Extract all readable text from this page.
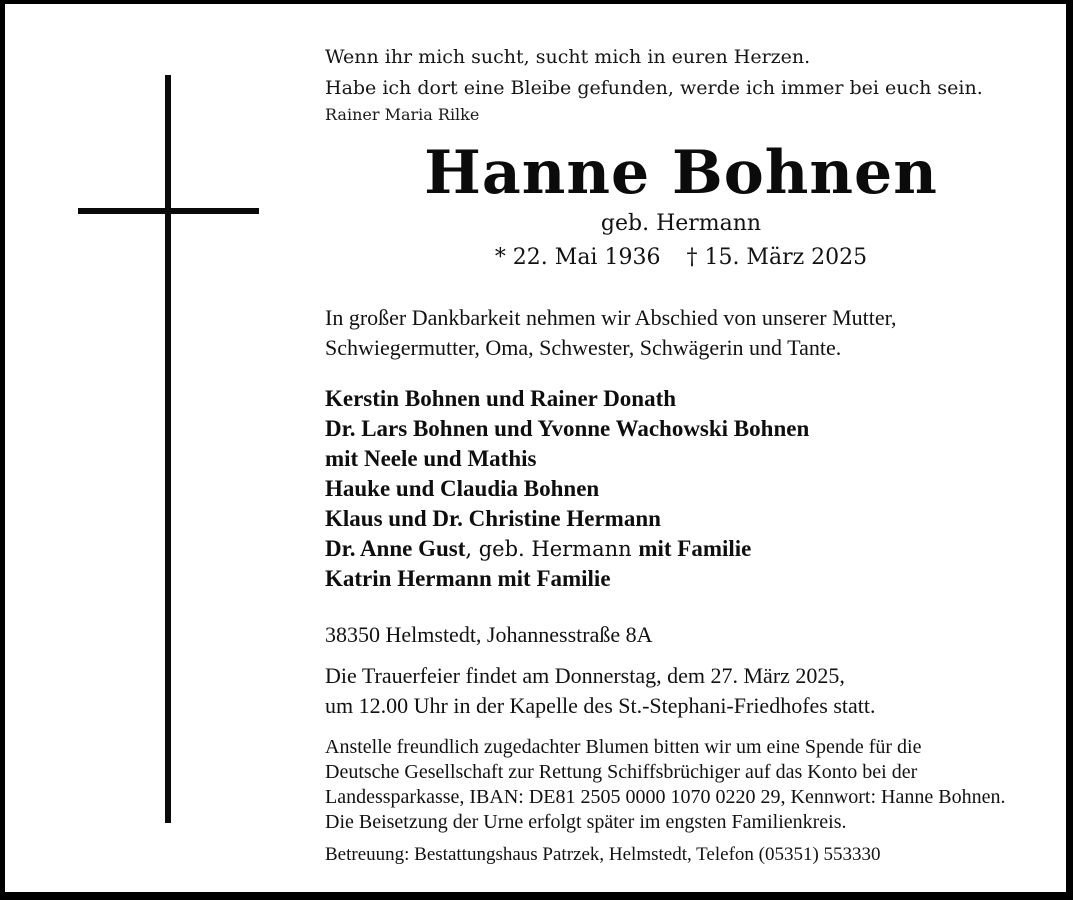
Wenn ihr mich sucht, sucht mich in euren Herzen.
Habe ich dort eine Bleibe gefunden, werde ich immer bei euch sein.
Rainer Maria Rilke
Hanne Bohnen
geb. Hermann
* 22. Mai 1936 † 15. März 2025
In großer Dankbarkeit nehmen wir Abschied von unserer Mutter,
Schwiegermutter, Oma, Schwester, Schwägerin und Tante.
Kerstin Bohnen und Rainer Donath
Dr. Lars Bohnen und Yvonne Wachowski Bohnen
mit Neele und Mathis
Hauke und Claudia Bohnen
Klaus und Dr. Christine Hermann
Dr. Anne Gust, geb. Hermann mit Familie
Katrin Hermann mit Familie
38350 Helmstedt, Johannesstraße 8A
Die Trauerfeier findet am Donnerstag, dem 27. März 2025,
um 12.00 Uhr in der Kapelle des St.-Stephani-Friedhofes statt.
Anstelle freundlich zugedachter Blumen bitten wir um eine Spende für die
Deutsche Gesellschaft zur Rettung Schiffsbrüchiger auf das Konto bei der
Landessparkasse, IBAN: DE81 2505 0000 1070 0220 29, Kennwort: Hanne Bohnen.
Die Beisetzung der Urne erfolgt später im engsten Familienkreis.
Betreuung: Bestattungshaus Patrzek, Helmstedt, Telefon (05351) 553330
